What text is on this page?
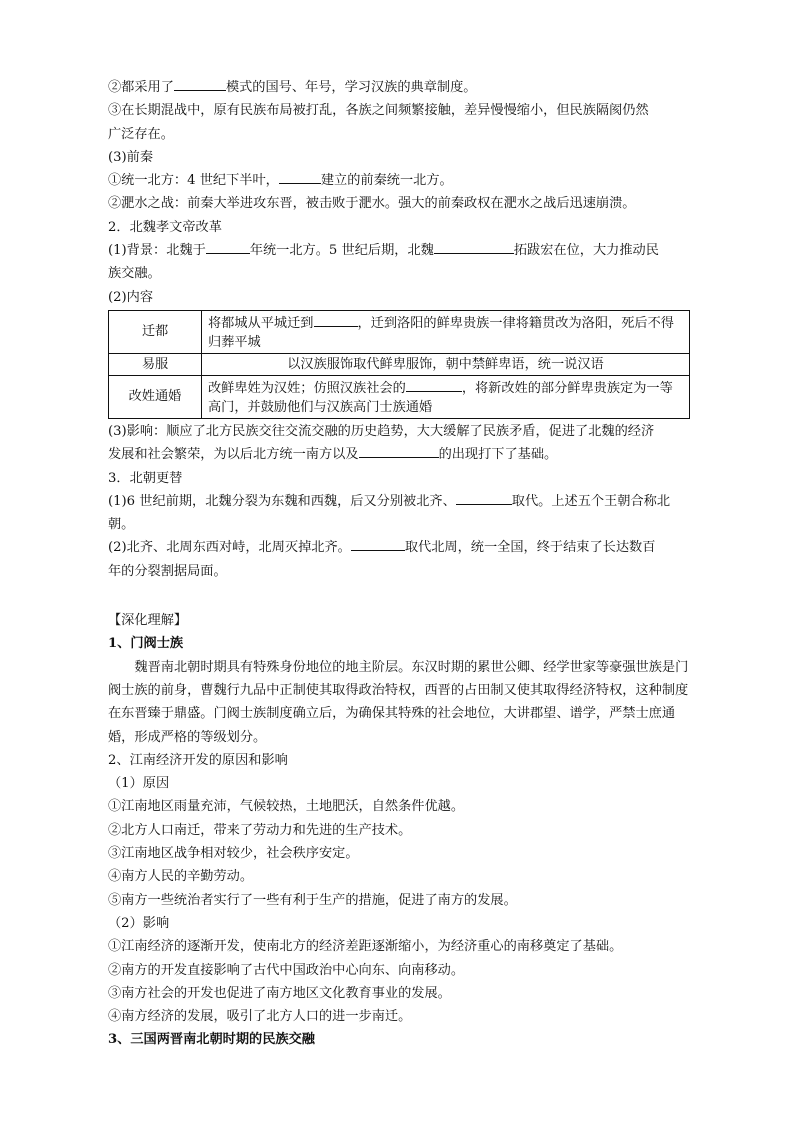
②都采用了	模式的国号、年号，学习汉族的典章制度。
③在长期混战中，原有民族布局被打乱，各族之间频繁接触，差异慢慢缩小，但民族隔阂仍然
广泛存在。
(3)前秦
①统一北方：4 世纪下半叶，	建立的前秦统一北方。
②淝水之战：前秦大举进攻东晋，被击败于淝水。强大的前秦政权在淝水之战后迅速崩溃。
2．北魏孝文帝改革
(1)背景：北魏于	年统一北方。5 世纪后期，北魏	拓跋宏在位，大力推动民
族交融。
(2)内容
迁都	将都城从平城迁到 ，迁到洛阳的鲜卑贵族一律将籍贯改为洛阳，死后不得归葬平城
易服	以汉族服饰取代鲜卑服饰，朝中禁鲜卑语，统一说汉语
改姓通婚	改鲜卑姓为汉姓；仿照汉族社会的 ，将新改姓的部分鲜卑贵族定为一等高门，并鼓励他们与汉族高门士族通婚
(3)影响：顺应了北方民族交往交流交融的历史趋势，大大缓解了民族矛盾，促进了北魏的经济
发展和社会繁荣，为以后北方统一南方以及	的出现打下了基础。
3．北朝更替
(1)6 世纪前期，北魏分裂为东魏和西魏，后又分别被北齐、	取代。上述五个王朝合称北
朝。
(2)北齐、北周东西对峙，北周灭掉北齐。	取代北周，统一全国，终于结束了长达数百
年的分裂割据局面。
【深化理解】
1、门阀士族
魏晋南北朝时期具有特殊身份地位的地主阶层。东汉时期的累世公卿、经学世家等豪强世族是门阀士族的前身，曹魏行九品中正制使其取得政治特权，西晋的占田制又使其取得经济特权，这种制度在东晋臻于鼎盛。门阀士族制度确立后，为确保其特殊的社会地位，大讲郡望、谱学，严禁士庶通婚，形成严格的等级划分。
2、江南经济开发的原因和影响
（1）原因
①江南地区雨量充沛，气候较热，土地肥沃，自然条件优越。
②北方人口南迁，带来了劳动力和先进的生产技术。
③江南地区战争相对较少，社会秩序安定。
④南方人民的辛勤劳动。
⑤南方一些统治者实行了一些有利于生产的措施，促进了南方的发展。
（2）影响
①江南经济的逐渐开发，使南北方的经济差距逐渐缩小，为经济重心的南移奠定了基础。
②南方的开发直接影响了古代中国政治中心向东、向南移动。
③南方社会的开发也促进了南方地区文化教育事业的发展。
④南方经济的发展，吸引了北方人口的进一步南迁。
3、三国两晋南北朝时期的民族交融
